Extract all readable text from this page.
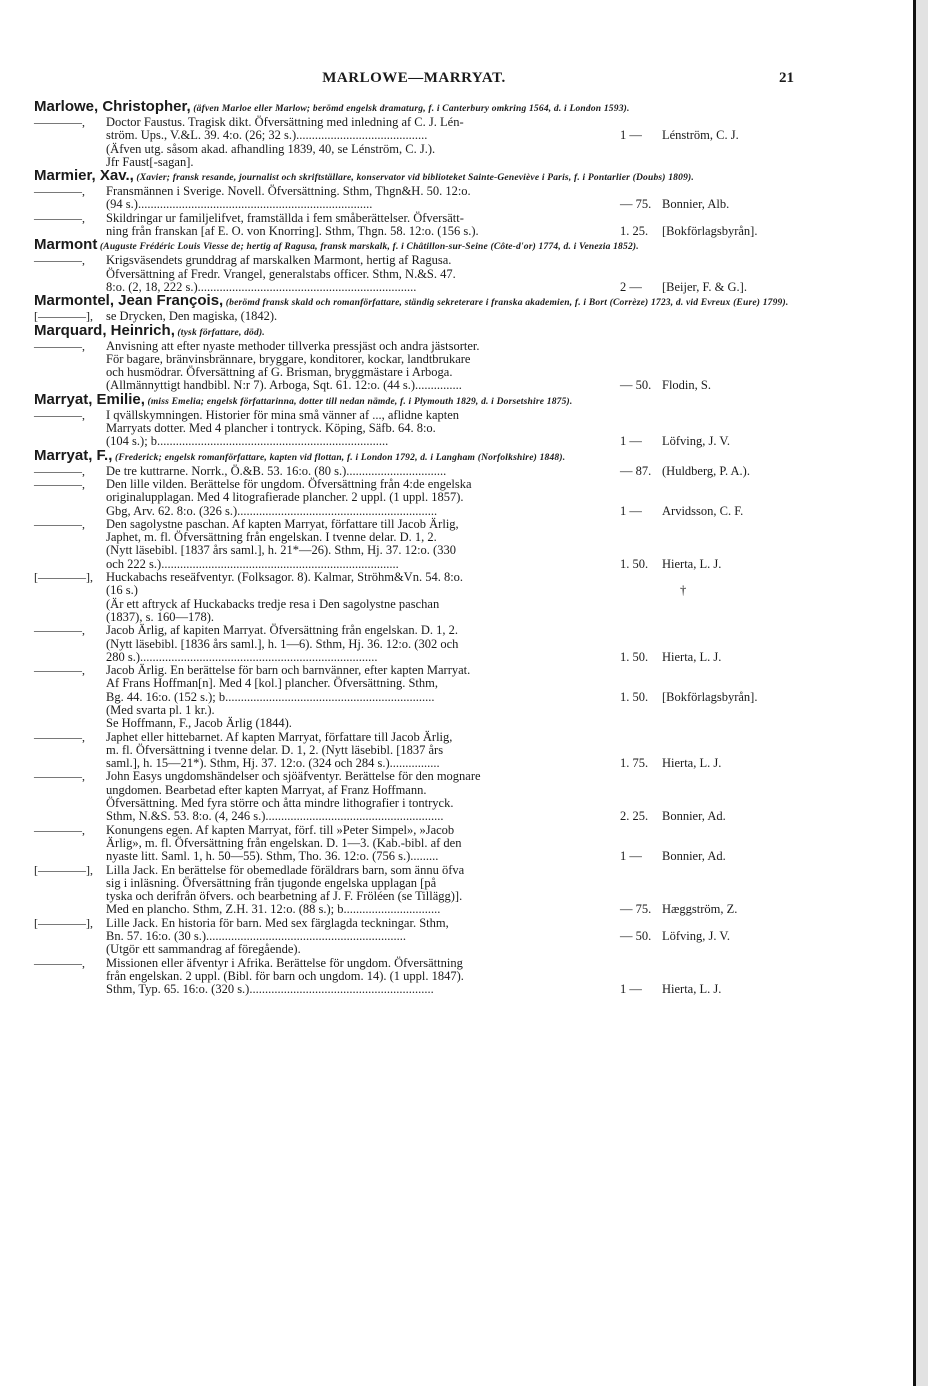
MARLOWE—MARRYAT.	21

Marlowe, Christopher, (äfven Marloe eller Marlow; berömd engelsk dramaturg, f. i Canterbury omkring 1564, d. i London 1593).

————,	Doctor Faustus. Tragisk dikt. Öfversättning med inledning af C. J. Lén-
ström. Ups., V.&L. 39. 4:o. (26; 32 s.)..........................................	1 —	Lénström, C. J.
(Äfven utg. såsom akad. afhandling 1839, 40, se Lénström, C. J.).
Jfr Faust[-sagan].

Marmier, Xav., (Xavier; fransk resande, journalist och skriftställare, konservator vid biblioteket Sainte-Geneviève i Paris, f. i Pontarlier (Doubs) 1809).

————,	Fransmännen i Sverige. Novell. Öfversättning. Sthm, Thgn&H. 50. 12:o.
(94 s.)...........................................................................	— 75. Bonnier, Alb.
————,	Skildringar ur familjelifvet, framställda i fem småberättelser. Öfversätt-
ning från franskan [af E. O. von Knorring]. Sthm, Thgn. 58. 12:o. (156 s.).	1. 25.	[Bokförlagsbyrån].

Marmont (Auguste Frédéric Louis Viesse de; hertig af Ragusa, fransk marskalk, f. i Châtillon-sur-Seine (Côte-d'or) 1774, d. i Venezia 1852).

————,	Krigsväsendets grunddrag af marskalken Marmont, hertig af Ragusa.
Öfversättning af Fredr. Vrangel, generalstabs officer. Sthm, N.&S. 47.
8:o. (2, 18, 222 s.)......................................................................	2 —	[Beijer, F. & G.].

Marmontel, Jean François, (berömd fransk skald och romanförfattare, ständig sekreterare i franska akademien, f. i Bort (Corrèze) 1723, d. vid Evreux (Eure) 1799).

[————],	se Drycken, Den magiska, (1842).

Marquard, Heinrich, (tysk författare, död).

————,	Anvisning att efter nyaste methoder tillverka pressjäst och andra jästsorter.
För bagare, bränvinsbrännare, bryggare, konditorer, kockar, landtbrukare
och husmödrar. Öfversättning af G. Brisman, bryggmästare i Arboga.
(Allmännyttigt handbibl. N:r 7). Arboga, Sqt. 61. 12:o. (44 s.)...............	— 50. Flodin, S.

Marryat, Emilie, (miss Emelia; engelsk författarinna, dotter till nedan nämde, f. i Plymouth 1829, d. i Dorsetshire 1875).

————,	I qvällskymningen. Historier för mina små vänner af ..., aflidne kapten
Marryats dotter. Med 4 plancher i tontryck. Köping, Säfb. 64. 8:o.
(104 s.); b..........................................................................	1 —	Löfving, J. V.

Marryat, F., (Frederick; engelsk romanförfattare, kapten vid flottan, f. i London 1792, d. i Langham (Norfolkshire) 1848).

————,	De tre kuttrarne. Norrk., Ö.&B. 53. 16:o. (80 s.)................................	— 87. (Huldberg, P. A.).
————,	Den lille vilden. Berättelse för ungdom. Öfversättning från 4:de engelska
originalupplagan. Med 4 litografierade plancher. 2 uppl. (1 uppl. 1857).
Gbg, Arv. 62. 8:o. (326 s.)................................................................	1 —	Arvidsson, C. F.
————,	Den sagolystne paschan. Af kapten Marryat, författare till Jacob Ärlig,
Japhet, m. fl. Öfversättning från engelskan. I tvenne delar. D. 1, 2.
(Nytt läsebibl. [1837 års saml.], h. 21*—26). Sthm, Hj. 37. 12:o. (330
och 222 s.)............................................................................	1. 50.	Hierta, L. J.
[————],	Huckabachs reseäfventyr. (Folksagor. 8). Kalmar, Ströhm&Vn. 54. 8:o.
(16 s.)	†
(Är ett aftryck af Huckabacks tredje resa i Den sagolystne paschan
(1837), s. 160—178).
————,	Jacob Ärlig, af kapiten Marryat. Öfversättning från engelskan. D. 1, 2.
(Nytt läsebibl. [1836 års saml.], h. 1—6). Sthm, Hj. 36. 12:o. (302 och
280 s.)............................................................................	1. 50.	Hierta, L. J.
————,	Jacob Ärlig. En berättelse för barn och barnvänner, efter kapten Marryat.
Af Frans Hoffman[n]. Med 4 [kol.] plancher. Öfversättning. Sthm,
Bg. 44. 16:o. (152 s.); b...................................................................	1. 50.	[Bokförlagsbyrån].
(Med svarta pl. 1 kr.).
Se Hoffmann, F., Jacob Ärlig (1844).
————,	Japhet eller hittebarnet. Af kapten Marryat, författare till Jacob Ärlig,
m. fl. Öfversättning i tvenne delar. D. 1, 2. (Nytt läsebibl. [1837 års
saml.], h. 15—21*). Sthm, Hj. 37. 12:o. (324 och 284 s.)................	1. 75.	Hierta, L. J.
————,	John Easys ungdomshändelser och sjöäfventyr. Berättelse för den mognare
ungdomen. Bearbetad efter kapten Marryat, af Franz Hoffmann.
Öfversättning. Med fyra större och åtta mindre lithografier i tontryck.
Sthm, N.&S. 53. 8:o. (4, 246 s.).........................................................	2. 25.	Bonnier, Ad.
————,	Konungens egen. Af kapten Marryat, förf. till »Peter Simpel», »Jacob
Ärlig», m. fl. Öfversättning från engelskan. D. 1—3. (Kab.-bibl. af den
nyaste litt. Saml. 1, h. 50—55). Sthm, Tho. 36. 12:o. (756 s.).........	1 —	Bonnier, Ad.
[————],	Lilla Jack. En berättelse för obemedlade föräldrars barn, som ännu öfva
sig i inläsning. Öfversättning från tjugonde engelska upplagan [på
tyska och derifrån öfvers. och bearbetning af J. F. Fröléen (se Tillägg)].
Med en plancho. Sthm, Z.H. 31. 12:o. (88 s.); b...............................	— 75. Hæggström, Z.
[————],	Lille Jack. En historia för barn. Med sex färglagda teckningar. Sthm,
Bn. 57. 16:o. (30 s.)................................................................	— 50. Löfving, J. V.
(Utgör ett sammandrag af föregående).
————,	Missionen eller äfventyr i Afrika. Berättelse för ungdom. Öfversättning
från engelskan. 2 uppl. (Bibl. för barn och ungdom. 14). (1 uppl. 1847).
Sthm, Typ. 65. 16:o. (320 s.)...........................................................	1 —	Hierta, L. J.
